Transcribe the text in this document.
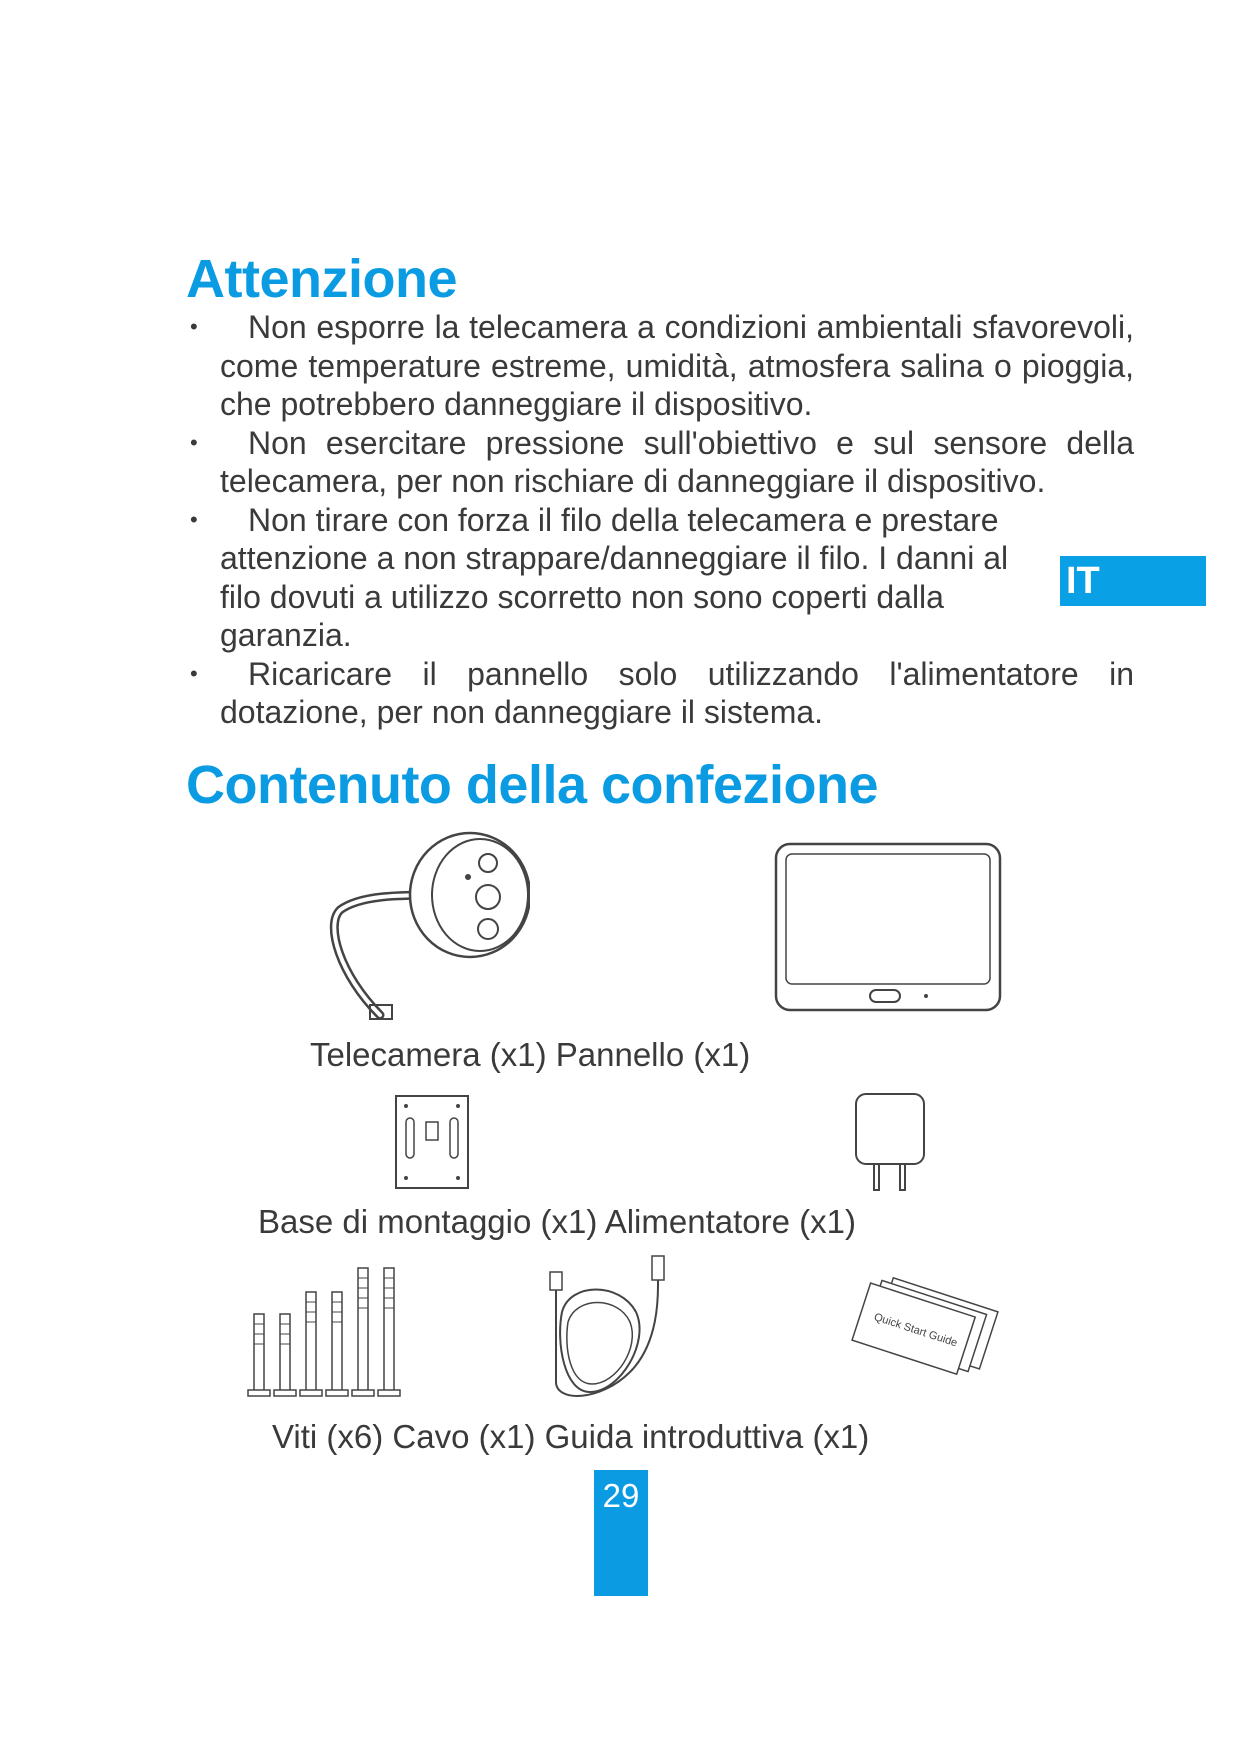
Attenzione
•	Non esporre la telecamera a condizioni ambientali sfavorevoli, come temperature estreme, umidità, atmosfera salina o pioggia, che potrebbero danneggiare il dispositivo.
•	Non esercitare pressione sull'obiettivo e sul sensore della telecamera, per non rischiare di danneggiare il dispositivo.
•	Non tirare con forza il filo della telecamera e prestare attenzione a non strappare/danneggiare il filo. I danni al filo dovuti a utilizzo scorretto non sono coperti dalla garanzia.
•	Ricaricare il pannello solo utilizzando l'alimentatore in dotazione, per non danneggiare il sistema.
IT
Contenuto della confezione
Telecamera (x1) Pannello (x1)
Base di montaggio (x1) Alimentatore (x1)
Quick Start Guide
Viti (x6) Cavo (x1) Guida introduttiva (x1)
29
